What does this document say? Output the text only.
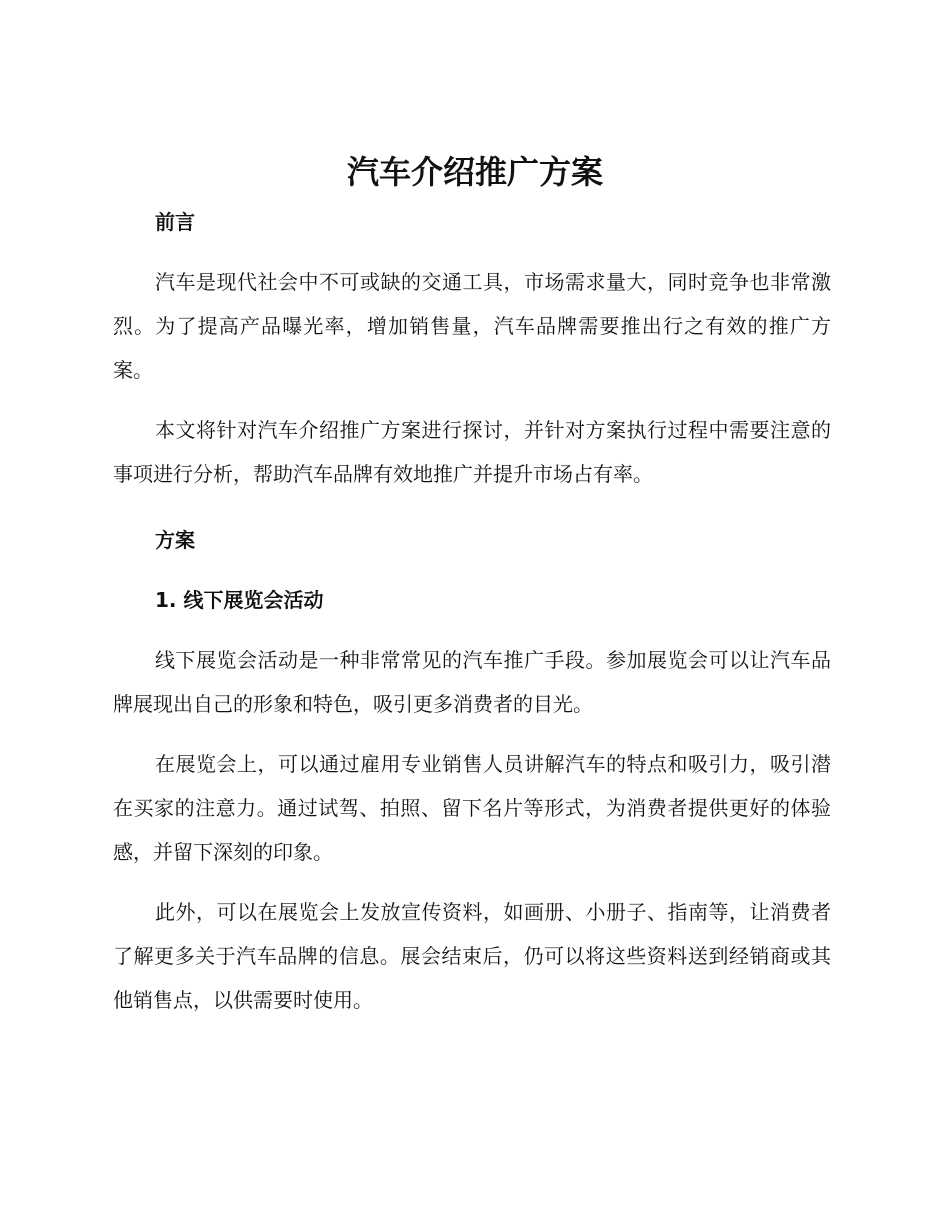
汽车介绍推广方案

前言

汽车是现代社会中不可或缺的交通工具，市场需求量大，同时竞争也非常激烈。为了提高产品曝光率，增加销售量，汽车品牌需要推出行之有效的推广方案。

本文将针对汽车介绍推广方案进行探讨，并针对方案执行过程中需要注意的事项进行分析，帮助汽车品牌有效地推广并提升市场占有率。

方案

1. 线下展览会活动

线下展览会活动是一种非常常见的汽车推广手段。参加展览会可以让汽车品牌展现出自己的形象和特色，吸引更多消费者的目光。

在展览会上，可以通过雇用专业销售人员讲解汽车的特点和吸引力，吸引潜在买家的注意力。通过试驾、拍照、留下名片等形式，为消费者提供更好的体验感，并留下深刻的印象。

此外，可以在展览会上发放宣传资料，如画册、小册子、指南等，让消费者了解更多关于汽车品牌的信息。展会结束后，仍可以将这些资料送到经销商或其他销售点，以供需要时使用。
